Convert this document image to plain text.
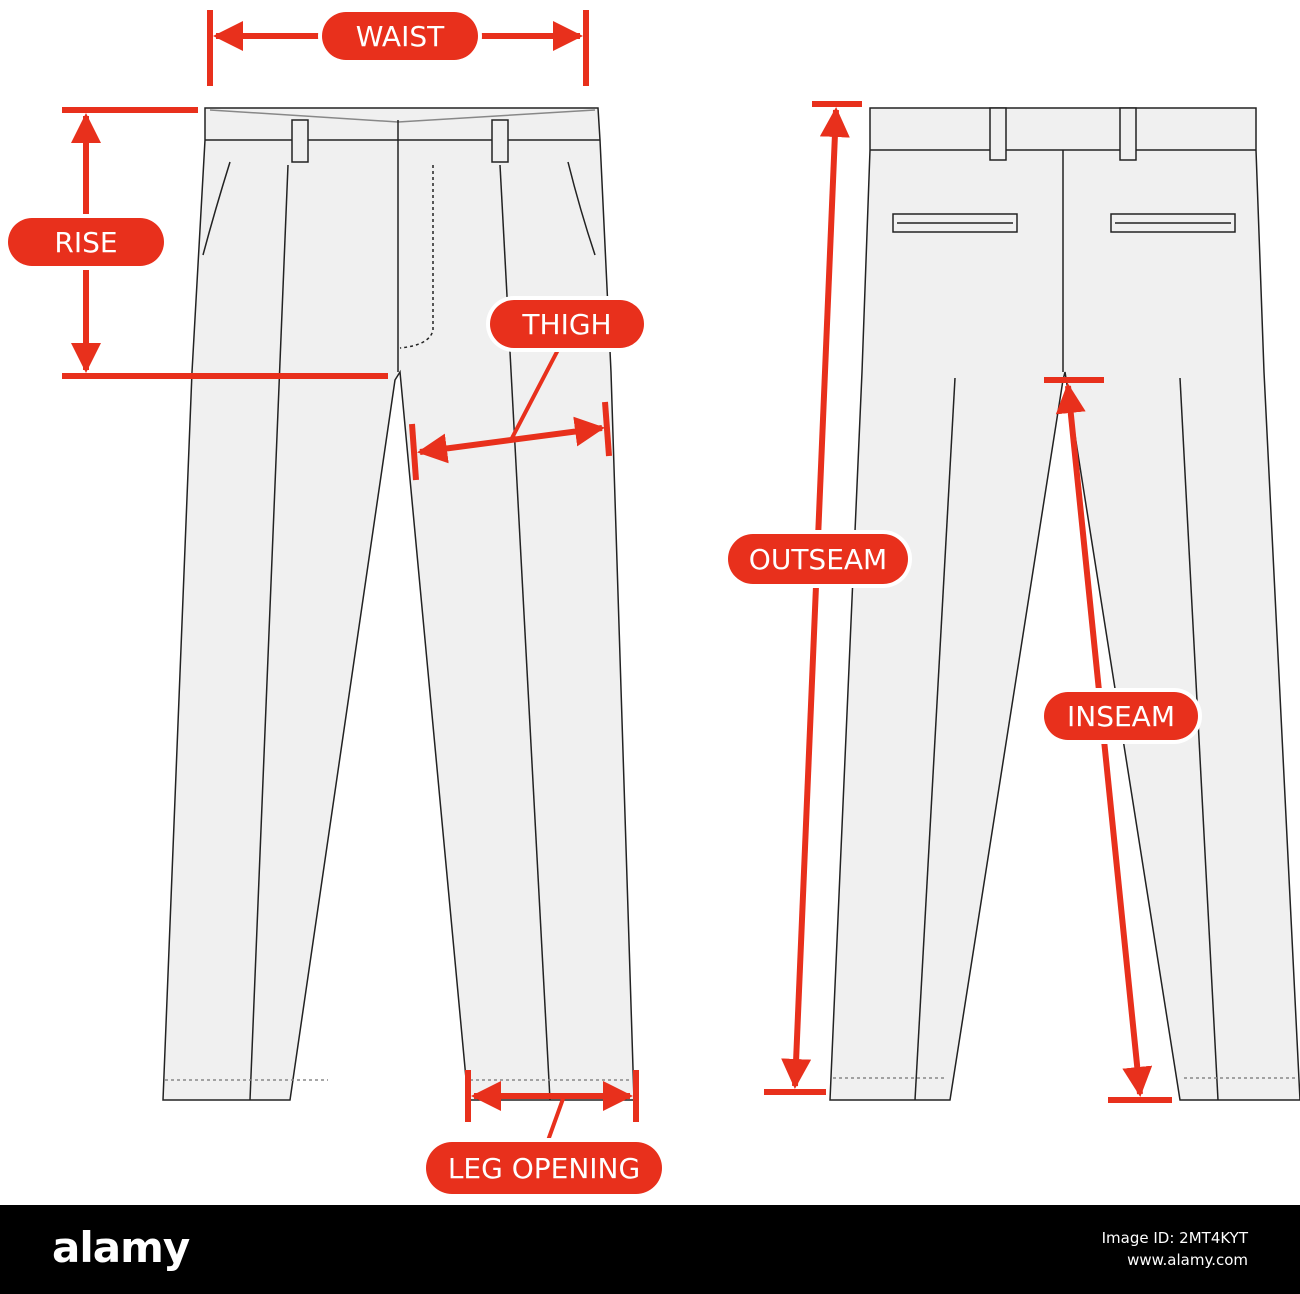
WAIST
RISE
THIGH
LEG OPENING
OUTSEAM
INSEAM
alamy	Image ID: 2MT4KYT
www.alamy.com
